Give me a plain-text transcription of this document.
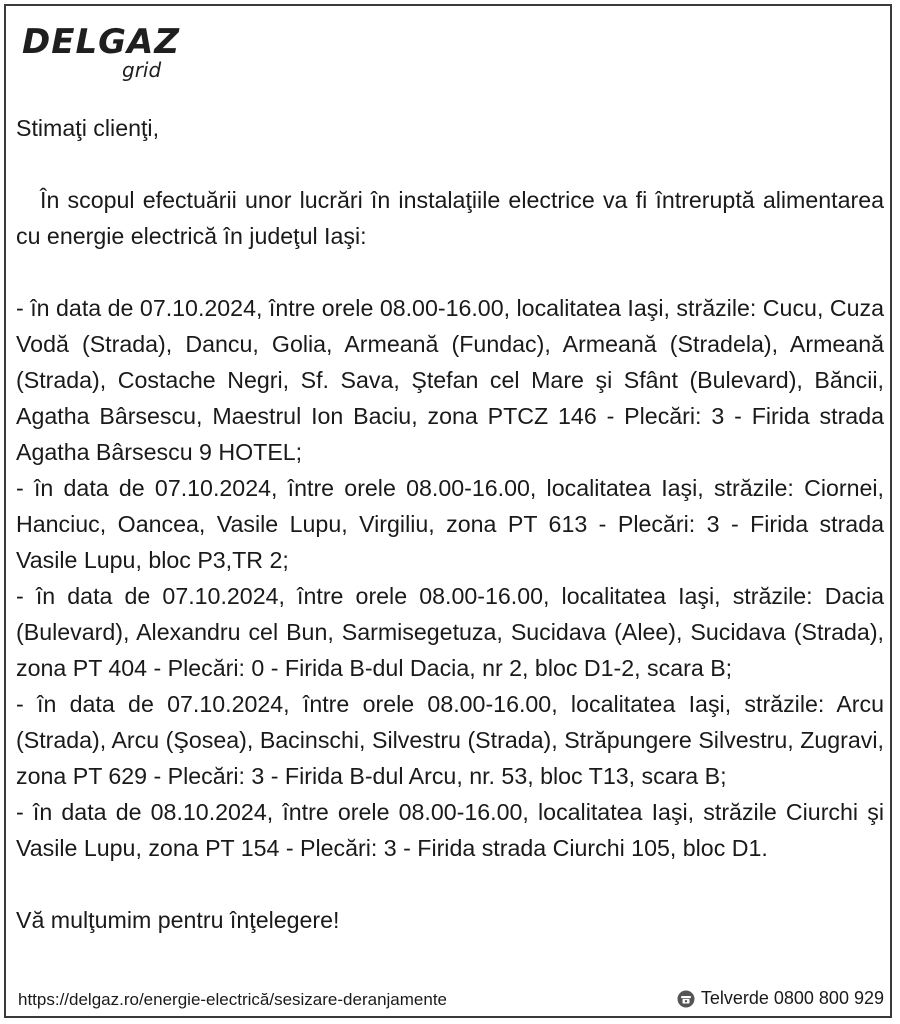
DELGAZ
grid

Stimaţi clienţi,

În scopul efectuării unor lucrări în instalaţiile electrice va fi întreruptă alimentarea cu energie electrică în judeţul Iaşi:

- în data de 07.10.2024, între orele 08.00-16.00, localitatea Iaşi, străzile: Cucu, Cuza Vodă (Strada), Dancu, Golia, Armeană (Fundac), Armeană (Stradela), Armeană (Strada), Costache Negri, Sf. Sava, Ştefan cel Mare şi Sfânt (Bulevard), Băncii, Agatha Bârsescu, Maestrul Ion Baciu, zona PTCZ 146 - Plecări: 3 - Firida strada Agatha Bârsescu 9 HOTEL;

- în data de 07.10.2024, între orele 08.00-16.00, localitatea Iaşi, străzile: Ciornei, Hanciuc, Oancea, Vasile Lupu, Virgiliu, zona PT 613 - Plecări: 3 - Firida strada Vasile Lupu, bloc P3,TR 2;

- în data de 07.10.2024, între orele 08.00-16.00, localitatea Iaşi, străzile: Dacia (Bulevard), Alexandru cel Bun, Sarmisegetuza, Sucidava (Alee), Sucidava (Strada), zona PT 404 - Plecări: 0 - Firida B-dul Dacia, nr 2, bloc D1-2, scara B;

- în data de 07.10.2024, între orele 08.00-16.00, localitatea Iaşi, străzile: Arcu (Strada), Arcu (Şosea), Bacinschi, Silvestru (Strada), Străpungere Silvestru, Zugravi, zona PT 629 - Plecări: 3 - Firida B-dul Arcu, nr. 53, bloc T13, scara B;

- în data de 08.10.2024, între orele 08.00-16.00, localitatea Iaşi, străzile Ciurchi şi Vasile Lupu, zona PT 154 - Plecări: 3 - Firida strada Ciurchi 105, bloc D1.

Vă mulţumim pentru înţelegere!

https://delgaz.ro/energie-electrică/sesizare-deranjamente	Telverde 0800 800 929
